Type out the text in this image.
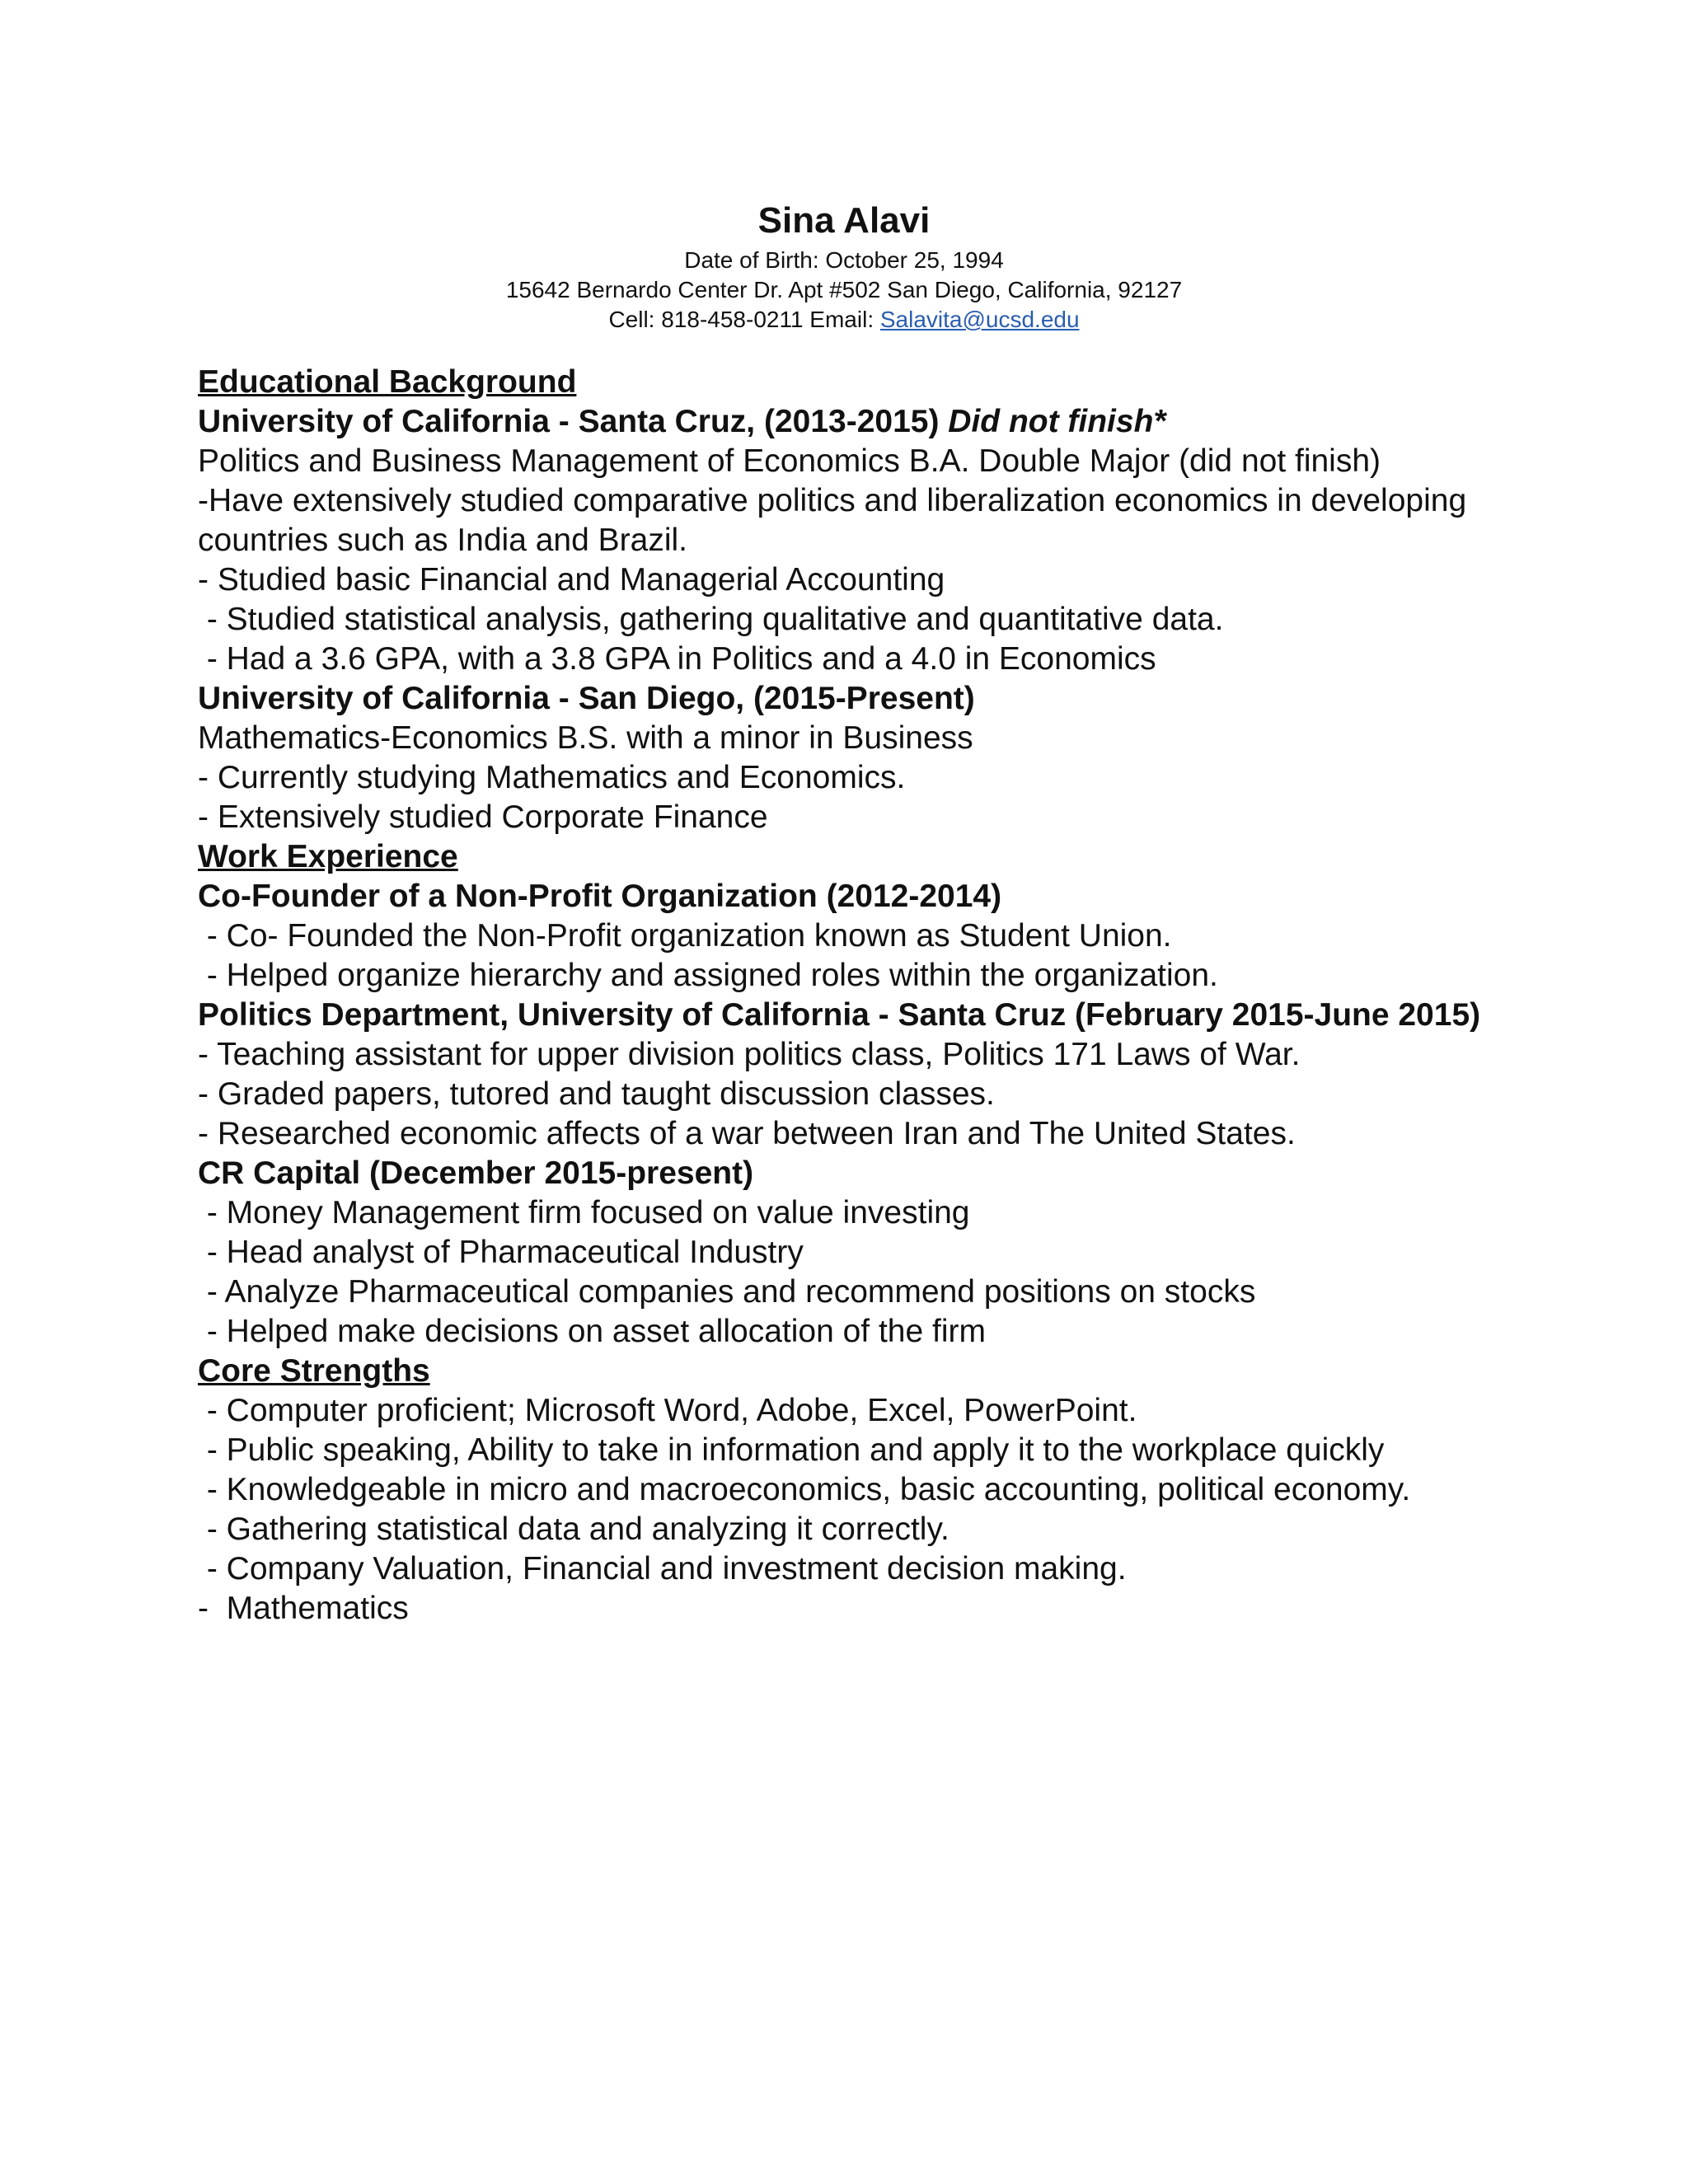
Sina Alavi
Date of Birth: October 25, 1994
15642 Bernardo Center Dr. Apt #502 San Diego, California, 92127
Cell: 818-458-0211 Email: Salavita@ucsd.edu
Educational Background
University of California - Santa Cruz, (2013-2015) Did not finish*
Politics and Business Management of Economics B.A. Double Major (did not finish)
-Have extensively studied comparative politics and liberalization economics in developing countries such as India and Brazil.
- Studied basic Financial and Managerial Accounting
- Studied statistical analysis, gathering qualitative and quantitative data.
- Had a 3.6 GPA, with a 3.8 GPA in Politics and a 4.0 in Economics
University of California - San Diego, (2015-Present)
Mathematics-Economics B.S. with a minor in Business
- Currently studying Mathematics and Economics.
- Extensively studied Corporate Finance
Work Experience
Co-Founder of a Non-Profit Organization (2012-2014)
- Co- Founded the Non-Profit organization known as Student Union.
- Helped organize hierarchy and assigned roles within the organization.
Politics Department, University of California - Santa Cruz (February 2015-June 2015)
- Teaching assistant for upper division politics class, Politics 171 Laws of War.
- Graded papers, tutored and taught discussion classes.
- Researched economic affects of a war between Iran and The United States.
CR Capital (December 2015-present)
- Money Management firm focused on value investing
- Head analyst of Pharmaceutical Industry
- Analyze Pharmaceutical companies and recommend positions on stocks
- Helped make decisions on asset allocation of the firm
Core Strengths
- Computer proficient; Microsoft Word, Adobe, Excel, PowerPoint.
- Public speaking, Ability to take in information and apply it to the workplace quickly
- Knowledgeable in micro and macroeconomics, basic accounting, political economy.
- Gathering statistical data and analyzing it correctly.
- Company Valuation, Financial and investment decision making.
-  Mathematics
